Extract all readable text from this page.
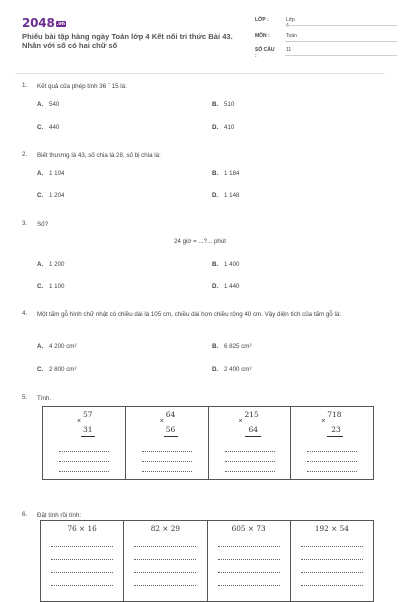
2048 .vn
Phiếu bài tập hàng ngày Toán lớp 4 Kết nối tri thức Bài 43. Nhân với số có hai chữ số
LỚP :	Lớp 4
MÔN :	Toán
SỐ CÂU :
11
1. Kết quả của phép tính 36 ` 15 là:
A. 540	B. 510
C. 440	D. 410
2. Biết thương là 43, số chia là 28, số bị chia là:
A. 1 104	B. 1 184
C. 1 204	D. 1 148
3. Số?
24 giờ = ...?... phút
A. 1 200	B. 1 400
C. 1 100	D. 1 440
4. Một tấm gỗ hình chữ nhật có chiều dài là 105 cm, chiều dài hơn chiều rộng 40 cm. Vậy diện tích của tấm gỗ là:
A. 4 200 cm²	B. 6 825 cm²
C. 2 800 cm²	D. 2 400 cm²
5. Tính.
57
×
31

64
×
56

215
×
64

718
×
23
6. Đặt tính rồi tính:
76 × 16	82 × 29	605 × 73	192 × 54
